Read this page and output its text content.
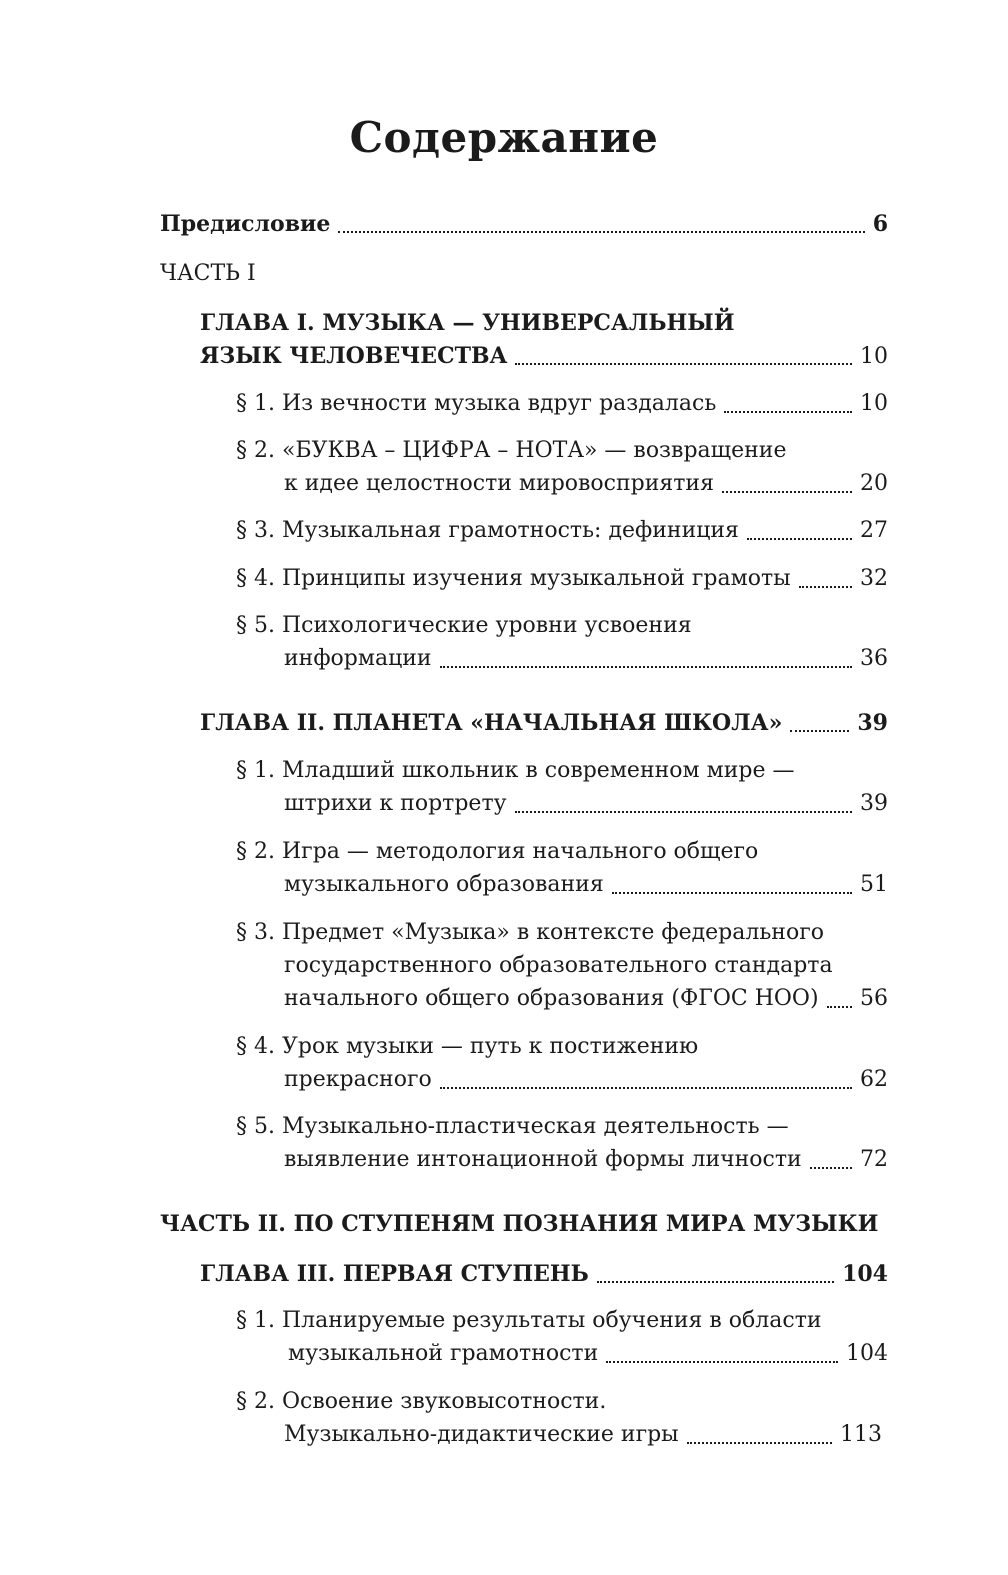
Содержание
Предисловие	6
ЧАСТЬ I
ГЛАВА I. МУЗЫКА — УНИВЕРСАЛЬНЫЙ
ЯЗЫК ЧЕЛОВЕЧЕСТВА	10
§ 1. Из вечности музыка вдруг раздалась	10
§ 2. «БУКВА – ЦИФРА – НОТА» — возвращение
к идее целостности мировосприятия	20
§ 3. Музыкальная грамотность: дефиниция	27
§ 4. Принципы изучения музыкальной грамоты	32
§ 5. Психологические уровни усвоения
информации	36
ГЛАВА II. ПЛАНЕТА «НАЧАЛЬНАЯ ШКОЛА»	39
§ 1. Младший школьник в современном мире —
штрихи к портрету	39
§ 2. Игра — методология начального общего
музыкального образования	51
§ 3. Предмет «Музыка» в контексте федерального
государственного образовательного стандарта
начального общего образования (ФГОС НОО) 56
§ 4. Урок музыки — путь к постижению
прекрасного	62
§ 5. Музыкально-пластическая деятельность —
выявление интонационной формы личности	72
ЧАСТЬ II. ПО СТУПЕНЯМ ПОЗНАНИЯ МИРА МУЗЫКИ
ГЛАВА III. ПЕРВАЯ СТУПЕНЬ	104
§ 1. Планируемые результаты обучения в области
музыкальной грамотности	104
§ 2. Освоение звуковысотности.
Музыкально-дидактические игры	113
